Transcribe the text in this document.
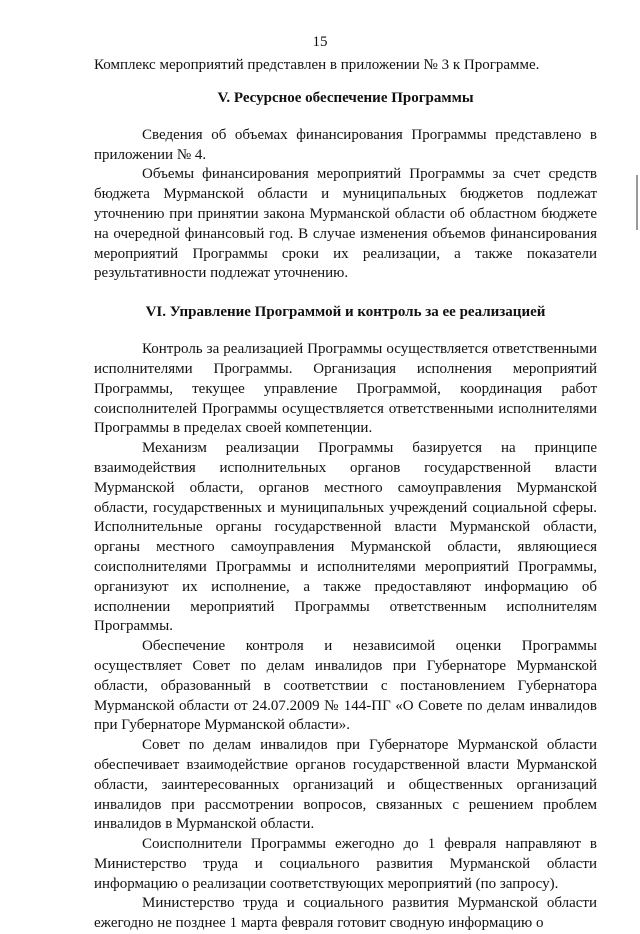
15

Комплекс мероприятий представлен в приложении № 3 к Программе.

V. Ресурсное обеспечение Программы

Сведения об объемах финансирования Программы представлено в приложении № 4.

Объемы финансирования мероприятий Программы за счет средств бюджета Мурманской области и муниципальных бюджетов подлежат уточнению при принятии закона Мурманской области об областном бюджете на очередной финансовый год. В случае изменения объемов финансирования мероприятий Программы сроки их реализации, а также показатели результативности подлежат уточнению.

VI. Управление Программой и контроль за ее реализацией

Контроль за реализацией Программы осуществляется ответственными исполнителями Программы. Организация исполнения мероприятий Программы, текущее управление Программой, координация работ соисполнителей Программы осуществляется ответственными исполнителями Программы в пределах своей компетенции.

Механизм реализации Программы базируется на принципе взаимодействия исполнительных органов государственной власти Мурманской области, органов местного самоуправления Мурманской области, государственных и муниципальных учреждений социальной сферы. Исполнительные органы государственной власти Мурманской области, органы местного самоуправления Мурманской области, являющиеся соисполнителями Программы и исполнителями мероприятий Программы, организуют их исполнение, а также предоставляют информацию об исполнении мероприятий Программы ответственным исполнителям Программы.

Обеспечение контроля и независимой оценки Программы осуществляет Совет по делам инвалидов при Губернаторе Мурманской области, образованный в соответствии с постановлением Губернатора Мурманской области от 24.07.2009 № 144-ПГ «О Совете по делам инвалидов при Губернаторе Мурманской области».

Совет по делам инвалидов при Губернаторе Мурманской области обеспечивает взаимодействие органов государственной власти Мурманской области, заинтересованных организаций и общественных организаций инвалидов при рассмотрении вопросов, связанных с решением проблем инвалидов в Мурманской области.

Соисполнители Программы ежегодно до 1 февраля направляют в Министерство труда и социального развития Мурманской области информацию о реализации соответствующих мероприятий (по запросу).

Министерство труда и социального развития Мурманской области ежегодно не позднее 1 марта февраля готовит сводную информацию о
